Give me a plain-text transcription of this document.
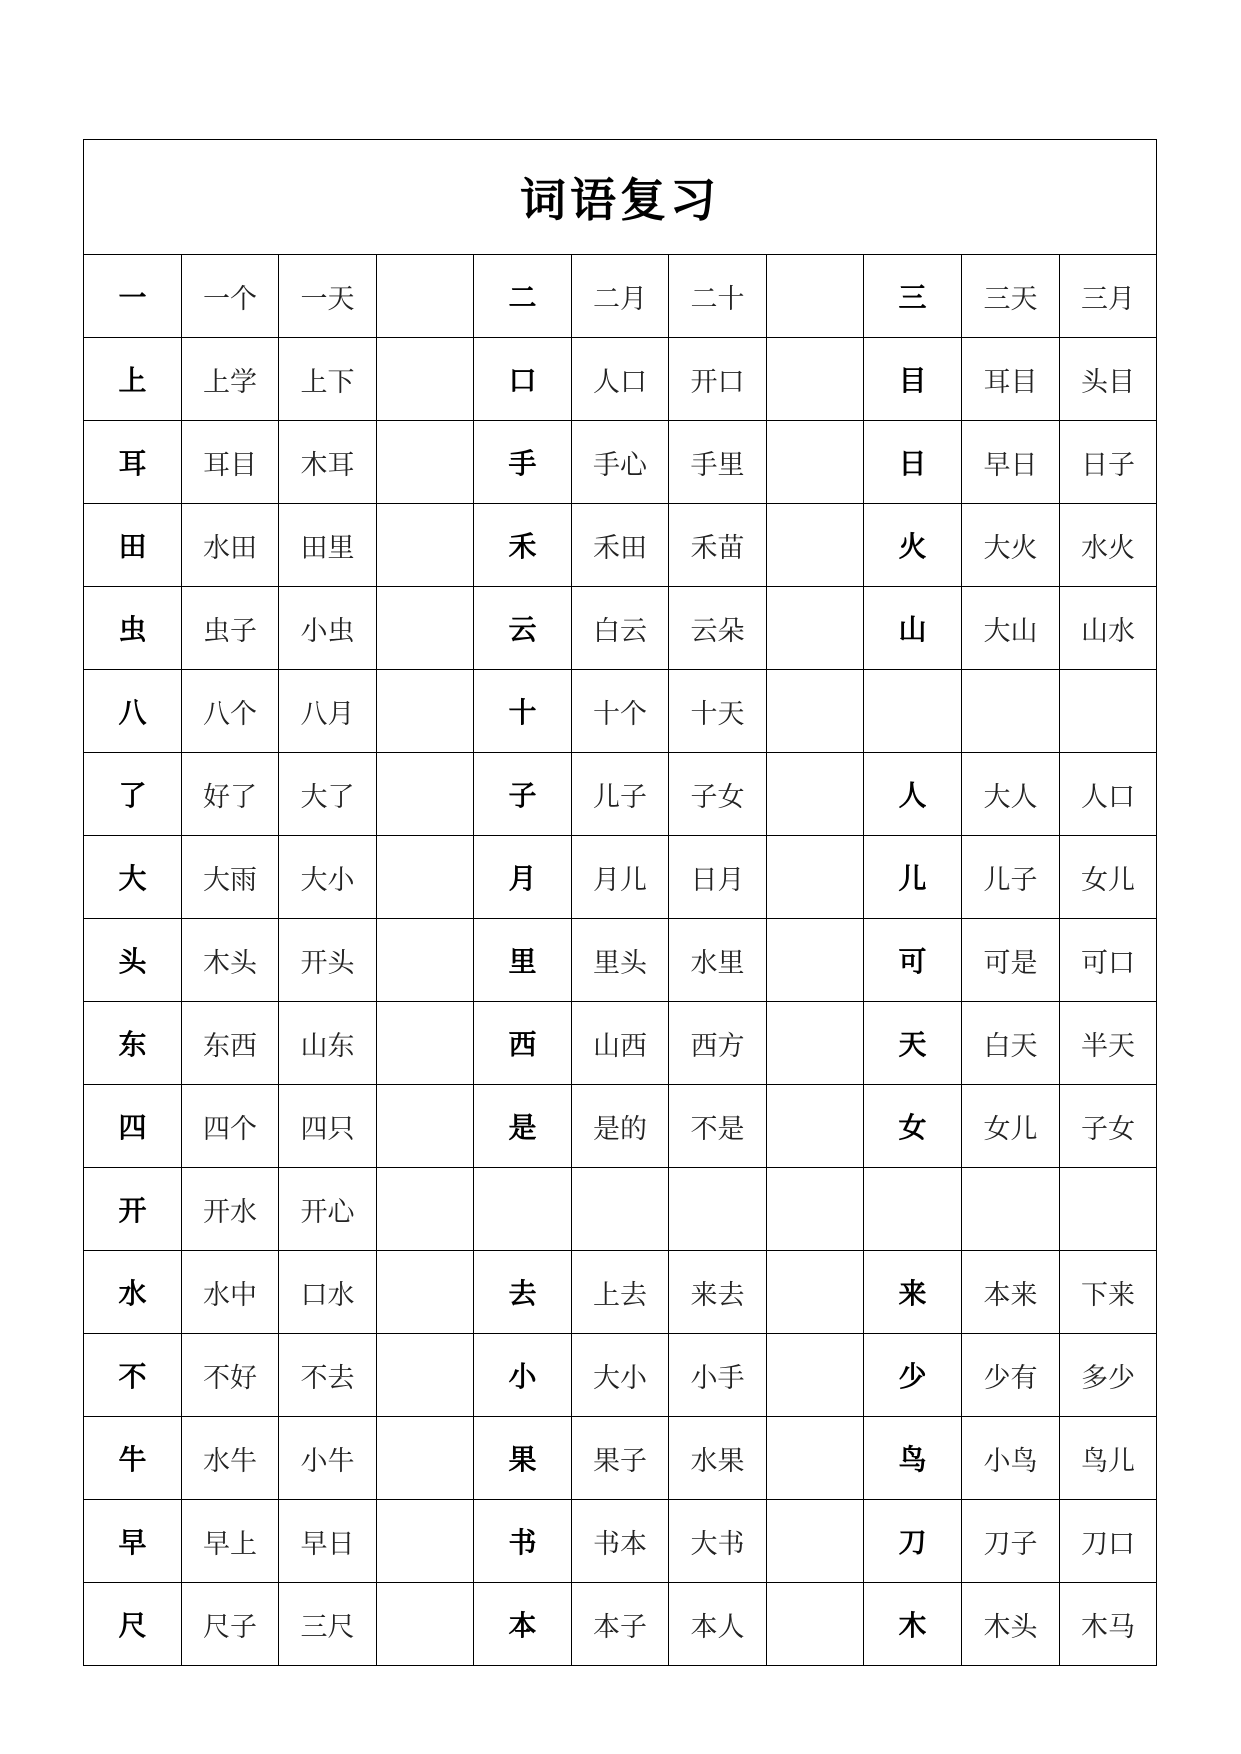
词语复习										
一	一个	一天		二	二月	二十		三	三天	三月
上	上学	上下		口	人口	开口		目	耳目	头目
耳	耳目	木耳		手	手心	手里		日	早日	日子
田	水田	田里		禾	禾田	禾苗		火	大火	水火
虫	虫子	小虫		云	白云	云朵		山	大山	山水
八	八个	八月		十	十个	十天				
了	好了	大了		子	儿子	子女		人	大人	人口
大	大雨	大小		月	月儿	日月		儿	儿子	女儿
头	木头	开头		里	里头	水里		可	可是	可口
东	东西	山东		西	山西	西方		天	白天	半天
四	四个	四只		是	是的	不是		女	女儿	子女
开	开水	开心								
水	水中	口水		去	上去	来去		来	本来	下来
不	不好	不去		小	大小	小手		少	少有	多少
牛	水牛	小牛		果	果子	水果		鸟	小鸟	鸟儿
早	早上	早日		书	书本	大书		刀	刀子	刀口
尺	尺子	三尺		本	本子	本人		木	木头	木马
